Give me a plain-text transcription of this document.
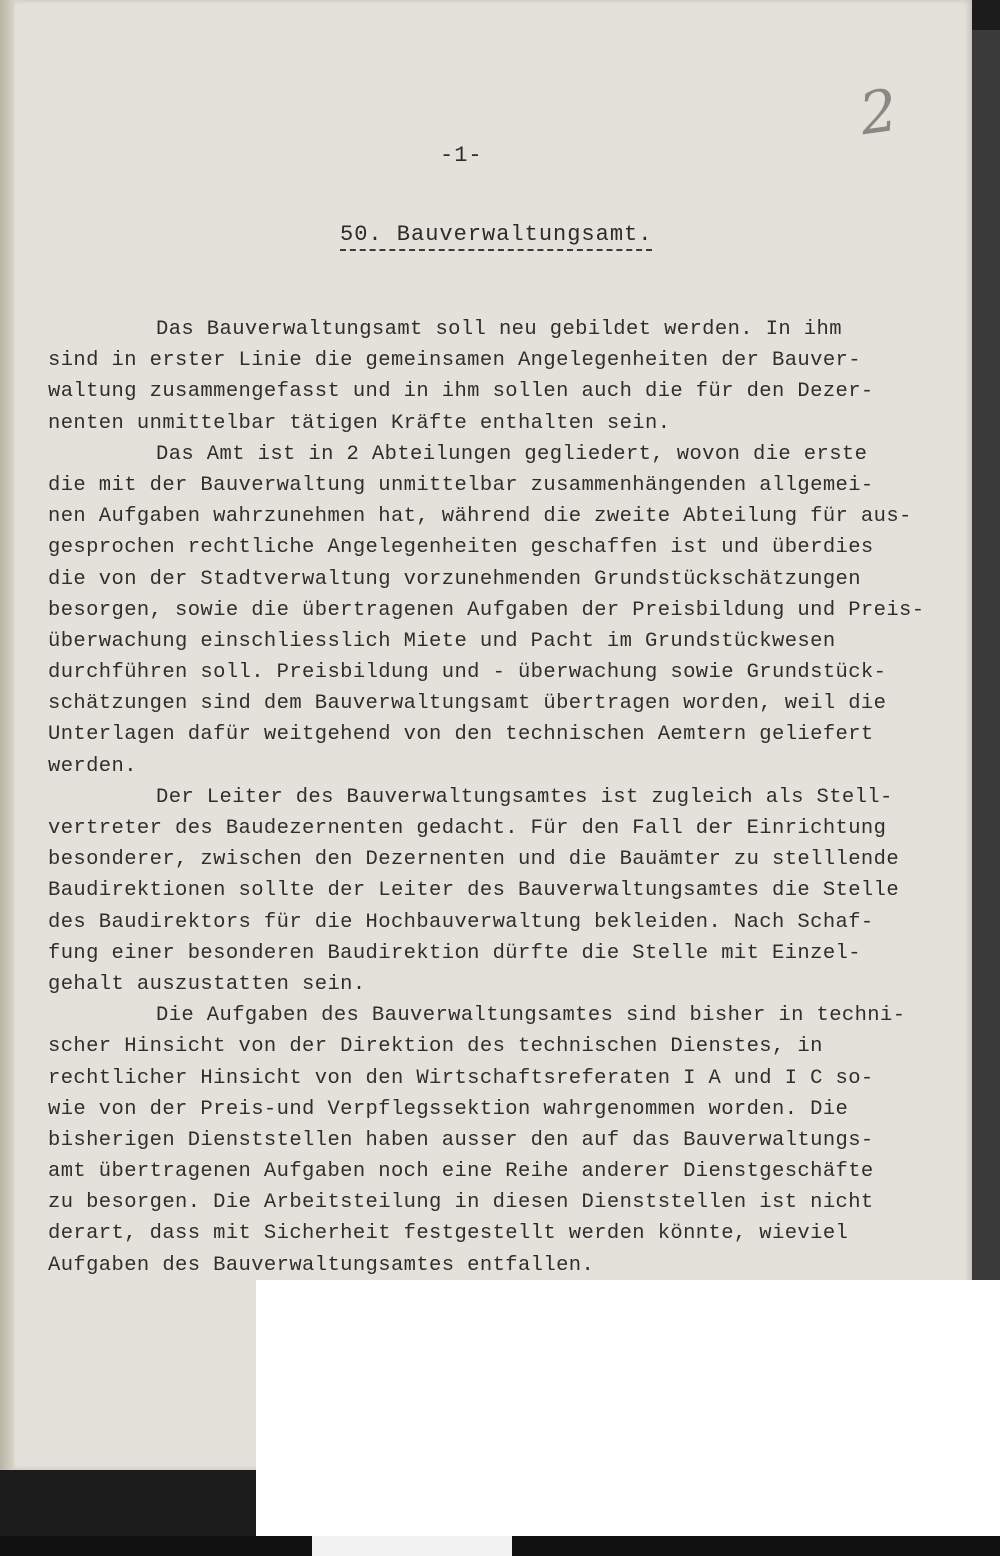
2
-1-
50. Bauverwaltungsamt.
Das Bauverwaltungsamt soll neu gebildet werden. In ihm
sind in erster Linie die gemeinsamen Angelegenheiten der Bauver-
waltung zusammengefasst und in ihm sollen auch die für den Dezer-
nenten unmittelbar tätigen Kräfte enthalten sein.
Das Amt ist in 2 Abteilungen gegliedert, wovon die erste
die mit der Bauverwaltung unmittelbar zusammenhängenden allgemei-
nen Aufgaben wahrzunehmen hat, während die zweite Abteilung für aus-
gesprochen rechtliche Angelegenheiten geschaffen ist und überdies
die von der Stadtverwaltung vorzunehmenden Grundstückschätzungen
besorgen, sowie die übertragenen Aufgaben der Preisbildung und Preis-
überwachung einschliesslich Miete und Pacht im Grundstückwesen
durchführen soll. Preisbildung und - überwachung sowie Grundstück-
schätzungen sind dem Bauverwaltungsamt übertragen worden, weil die
Unterlagen dafür weitgehend von den technischen Aemtern geliefert
werden.
Der Leiter des Bauverwaltungsamtes ist zugleich als Stell-
vertreter des Baudezernenten gedacht. Für den Fall der Einrichtung
besonderer, zwischen den Dezernenten und die Bauämter zu stelllende
Baudirektionen sollte der Leiter des Bauverwaltungsamtes die Stelle
des Baudirektors für die Hochbauverwaltung bekleiden. Nach Schaf-
fung einer besonderen Baudirektion dürfte die Stelle mit Einzel-
gehalt auszustatten sein.
Die Aufgaben des Bauverwaltungsamtes sind bisher in techni-
scher Hinsicht von der Direktion des technischen Dienstes, in
rechtlicher Hinsicht von den Wirtschaftsreferaten I A und I C so-
wie von der Preis-und Verpflegssektion wahrgenommen worden. Die
bisherigen Dienststellen haben ausser den auf das Bauverwaltungs-
amt übertragenen Aufgaben noch eine Reihe anderer Dienstgeschäfte
zu besorgen. Die Arbeitsteilung in diesen Dienststellen ist nicht
derart, dass mit Sicherheit festgestellt werden könnte, wieviel
Aufgaben des Bauverwaltungsamtes entfallen.
